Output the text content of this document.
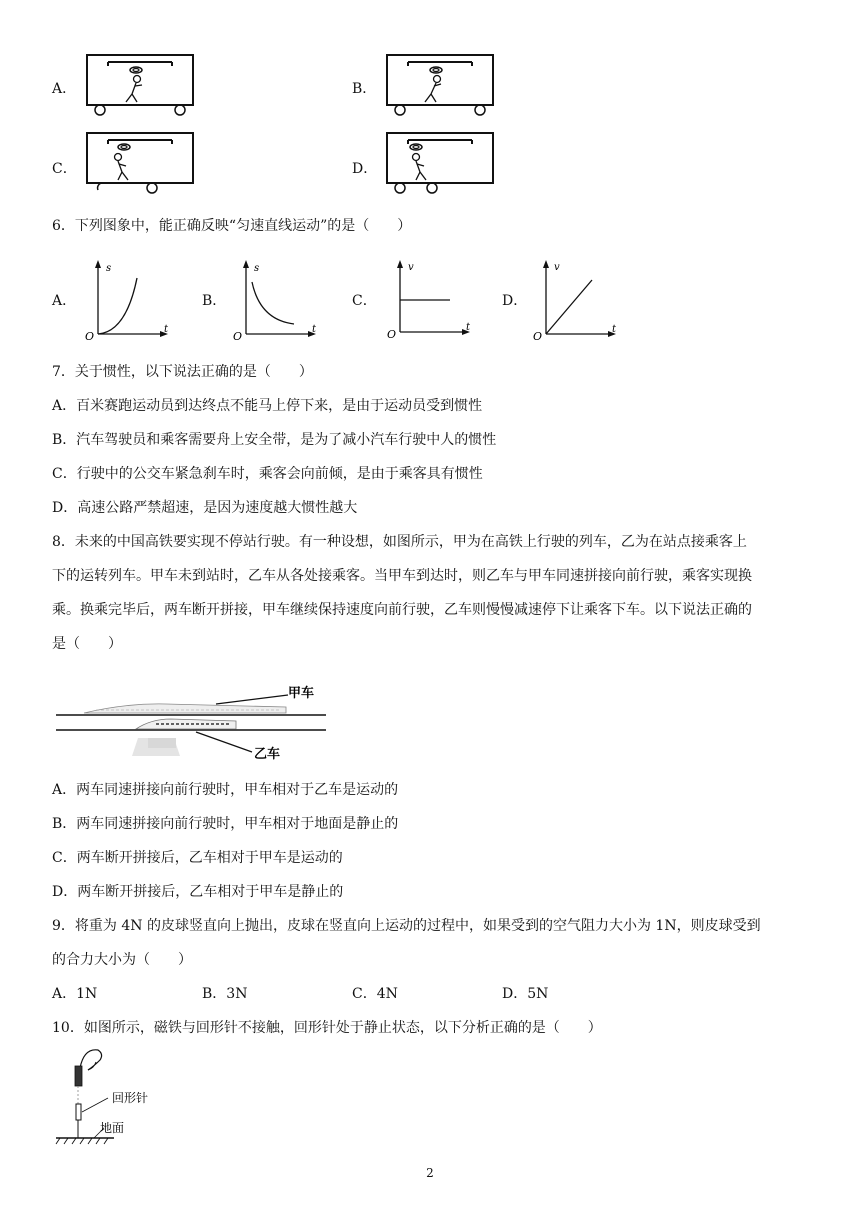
A．	B．
C．	D．
6．下列图象中，能正确反映“匀速直线运动”的是（　　）
A．	B．	C．	D．
s
t
O
s
t
O
v
t
O
v
t
O
7．关于惯性，以下说法正确的是（　　）
A．百米赛跑运动员到达终点不能马上停下来，是由于运动员受到惯性
B．汽车驾驶员和乘客需要舟上安全带，是为了减小汽车行驶中人的惯性
C．行驶中的公交车紧急刹车时，乘客会向前倾，是由于乘客具有惯性
D．高速公路严禁超速，是因为速度越大惯性越大
8．未来的中国高铁要实现不停站行驶。有一种设想，如图所示，甲为在高铁上行驶的列车，乙为在站点接乘客上
下的运转列车。甲车未到站时，乙车从各处接乘客。当甲车到达时，则乙车与甲车同速拼接向前行驶，乘客实现换
乘。换乘完毕后，两车断开拼接，甲车继续保持速度向前行驶，乙车则慢慢减速停下让乘客下车。以下说法正确的
是（　　）
甲车
乙车
A．两车同速拼接向前行驶时，甲车相对于乙车是运动的
B．两车同速拼接向前行驶时，甲车相对于地面是静止的
C．两车断开拼接后，乙车相对于甲车是运动的
D．两车断开拼接后，乙车相对于甲车是静止的
9．将重为 4N 的皮球竖直向上抛出，皮球在竖直向上运动的过程中，如果受到的空气阻力大小为 1N，则皮球受到
的合力大小为（　　）
A．1N	B．3N	C．4N	D．5N
10．如图所示，磁铁与回形针不接触，回形针处于静止状态，以下分析正确的是（　　）
回形针
地面
2
